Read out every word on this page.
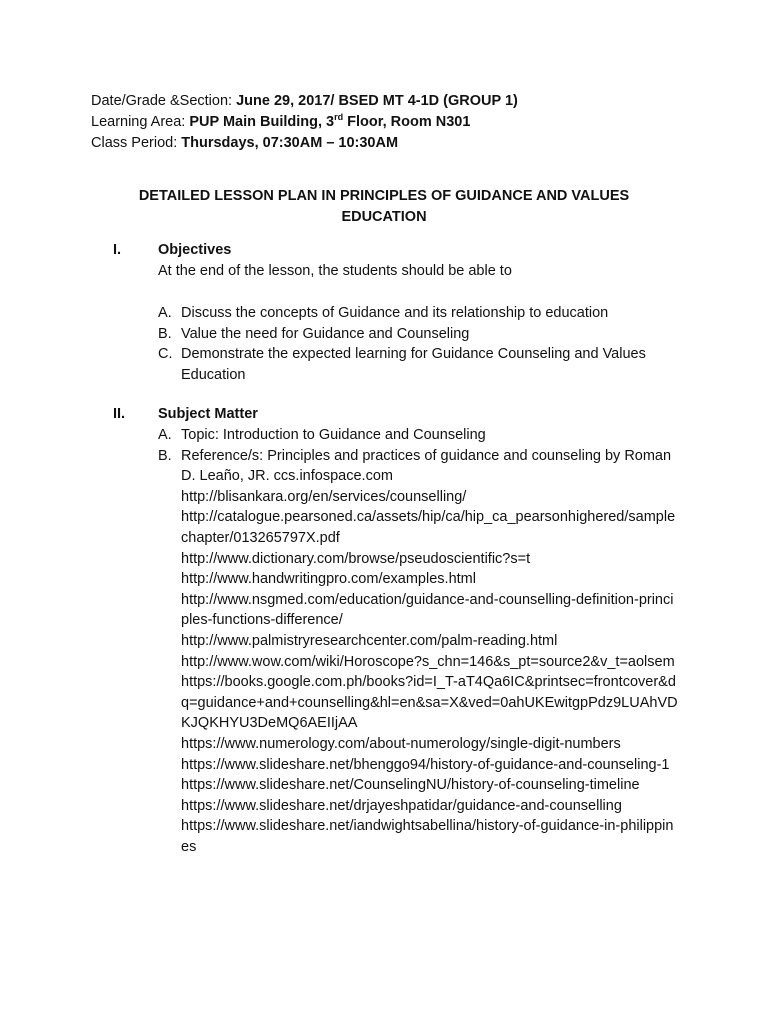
Date/Grade &Section: June 29, 2017/ BSED MT 4-1D (GROUP 1)
Learning Area: PUP Main Building, 3rd Floor, Room N301
Class Period: Thursdays, 07:30AM – 10:30AM
DETAILED LESSON PLAN IN PRINCIPLES OF GUIDANCE AND VALUES
EDUCATION
I.	Objectives
At the end of the lesson, the students should be able to
A. Discuss the concepts of Guidance and its relationship to education
B. Value the need for Guidance and Counseling
C. Demonstrate the expected learning for Guidance Counseling and Values Education
II. Subject Matter
A. Topic: Introduction to Guidance and Counseling
B. Reference/s: Principles and practices of guidance and counseling by Roman D. Leaño, JR. ccs.infospace.com
http://blisankara.org/en/services/counselling/
http://catalogue.pearsoned.ca/assets/hip/ca/hip_ca_pearsonhighered/samplechapter/013265797X.pdf
http://www.dictionary.com/browse/pseudoscientific?s=t
http://www.handwritingpro.com/examples.html
http://www.nsgmed.com/education/guidance-and-counselling-definition-principles-functions-difference/
http://www.palmistryresearchcenter.com/palm-reading.html
http://www.wow.com/wiki/Horoscope?s_chn=146&s_pt=source2&v_t=aolsem
https://books.google.com.ph/books?id=I_T-aT4Qa6IC&printsec=frontcover&dq=guidance+and+counselling&hl=en&sa=X&ved=0ahUKEwitgpPdz9LUAhVDKJQKHYU3DeMQ6AEIIjAA
https://www.numerology.com/about-numerology/single-digit-numbers
https://www.slideshare.net/bhenggo94/history-of-guidance-and-counseling-1
https://www.slideshare.net/CounselingNU/history-of-counseling-timeline
https://www.slideshare.net/drjayeshpatidar/guidance-and-counselling
https://www.slideshare.net/iandwightsabellina/history-of-guidance-in-philippines
